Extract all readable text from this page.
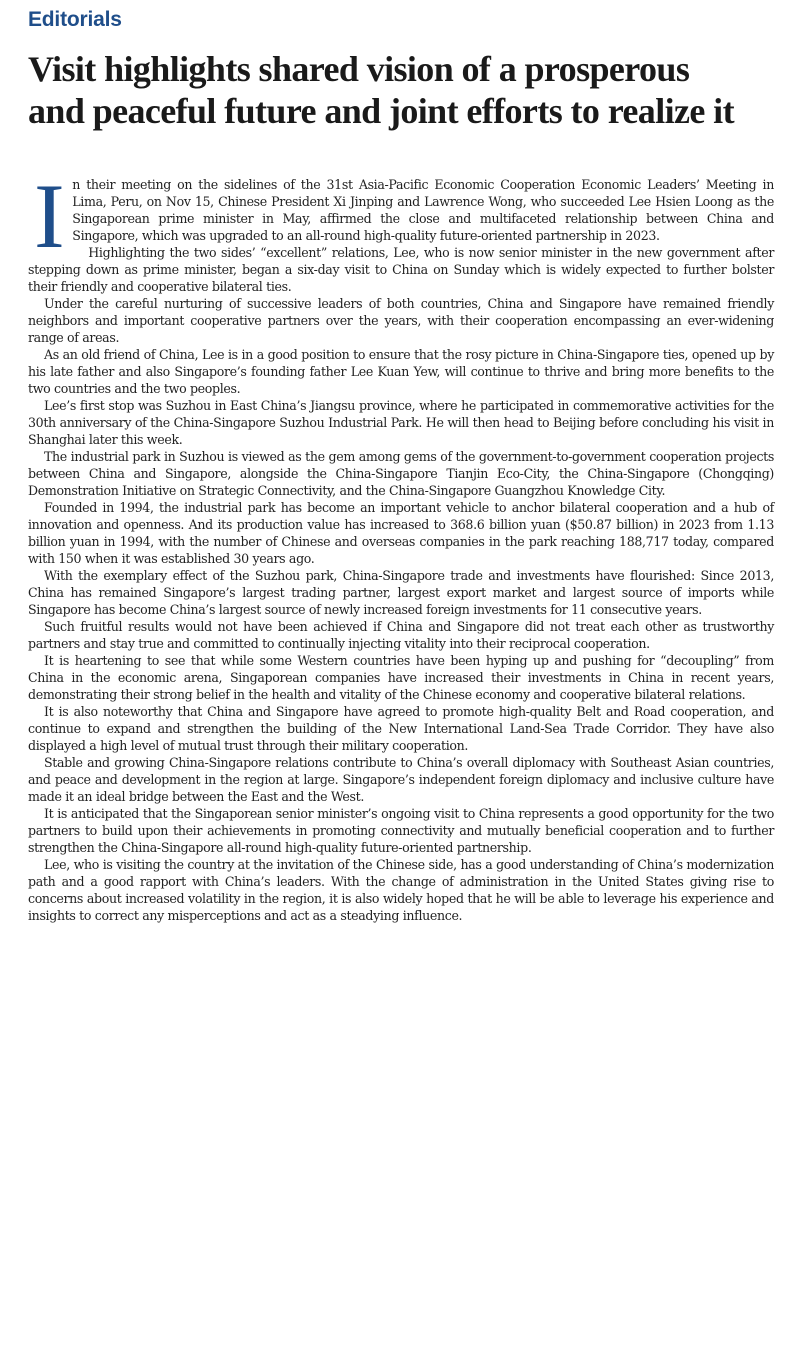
Editorials
Visit highlights shared vision of a prosperous
and peaceful future and joint efforts to realize it

In their meeting on the sidelines of the 31st Asia-Pacific Economic Cooperation Economic Leaders’ Meeting in Lima, Peru, on Nov 15, Chinese President Xi Jinping and Lawrence Wong, who succeeded Lee Hsien Loong as the Singaporean prime minister in May, affirmed the close and multifaceted relationship between China and Singapore, which was upgraded to an all-round high-quality future-oriented partnership in 2023.

Highlighting the two sides’ “excellent” relations, Lee, who is now senior minister in the new government after stepping down as prime minister, began a six-day visit to China on Sunday which is widely expected to further bolster their friendly and cooperative bilateral ties.

Under the careful nurturing of successive leaders of both countries, China and Singapore have remained friendly neighbors and important cooperative partners over the years, with their cooperation encompassing an ever-widening range of areas.

As an old friend of China, Lee is in a good position to ensure that the rosy picture in China-Singapore ties, opened up by his late father and also Singapore’s founding father Lee Kuan Yew, will continue to thrive and bring more benefits to the two countries and the two peoples.

Lee’s first stop was Suzhou in East China’s Jiangsu province, where he participated in commemorative activities for the 30th anniversary of the China-Singapore Suzhou Industrial Park. He will then head to Beijing before concluding his visit in Shanghai later this week.

The industrial park in Suzhou is viewed as the gem among gems of the government-to-government cooperation projects between China and Singapore, alongside the China-Singapore Tianjin Eco-City, the China-Singapore (Chongqing) Demonstration Initiative on Strategic Connectivity, and the China-Singapore Guangzhou Knowledge City.

Founded in 1994, the industrial park has become an important vehicle to anchor bilateral cooperation and a hub of innovation and openness. And its production value has increased to 368.6 billion yuan ($50.87 billion) in 2023 from 1.13 billion yuan in 1994, with the number of Chinese and overseas companies in the park reaching 188,717 today, compared with 150 when it was established 30 years ago.

With the exemplary effect of the Suzhou park, China-Singapore trade and investments have flourished: Since 2013, China has remained Singapore’s largest trading partner, largest export market and largest source of imports while Singapore has become China’s largest source of newly increased foreign investments for 11 consecutive years.

Such fruitful results would not have been achieved if China and Singapore did not treat each other as trustworthy partners and stay true and committed to continually injecting vitality into their reciprocal cooperation.

It is heartening to see that while some Western countries have been hyping up and pushing for “decoupling” from China in the economic arena, Singaporean companies have increased their investments in China in recent years, demonstrating their strong belief in the health and vitality of the Chinese economy and cooperative bilateral relations.

It is also noteworthy that China and Singapore have agreed to promote high-quality Belt and Road cooperation, and continue to expand and strengthen the building of the New International Land-Sea Trade Corridor. They have also displayed a high level of mutual trust through their military cooperation.

Stable and growing China-Singapore relations contribute to China’s overall diplomacy with Southeast Asian countries, and peace and development in the region at large. Singapore’s independent foreign diplomacy and inclusive culture have made it an ideal bridge between the East and the West.

It is anticipated that the Singaporean senior minister’s ongoing visit to China represents a good opportunity for the two partners to build upon their achievements in promoting connectivity and mutually beneficial cooperation and to further strengthen the China-Singapore all-round high-quality future-oriented partnership.

Lee, who is visiting the country at the invitation of the Chinese side, has a good understanding of China’s modernization path and a good rapport with China’s leaders. With the change of administration in the United States giving rise to concerns about increased volatility in the region, it is also widely hoped that he will be able to leverage his experience and insights to correct any misperceptions and act as a steadying influence.
